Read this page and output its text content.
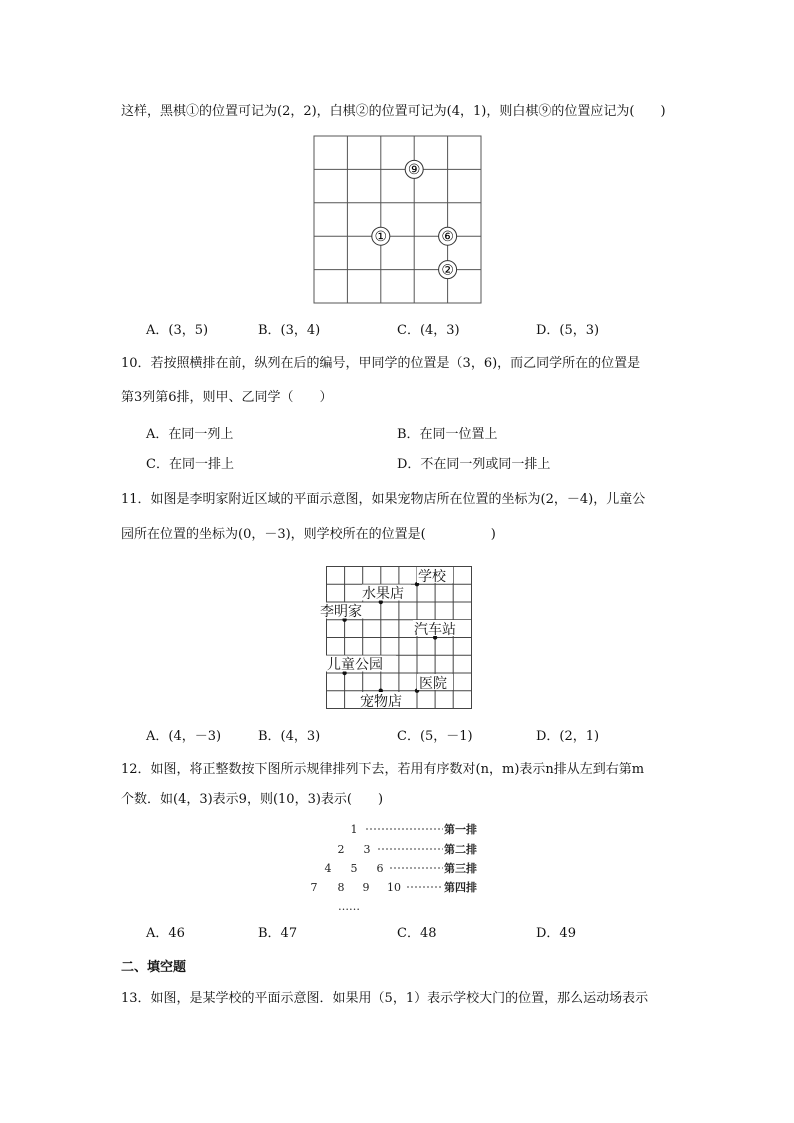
这样，黑棋①的位置可记为(2，2)，白棋②的位置可记为(4，1)，则白棋⑨的位置应记为(　　)
⑨
①	⑥
②
A．(3，5)	B．(3，4)	C．(4，3)	D．(5，3)
10．若按照横排在前，纵列在后的编号，甲同学的位置是（3，6)，而乙同学所在的位置是
第3列第6排，则甲、乙同学（　　）
A．在同一列上	B．在同一位置上
C．在同一排上	D．不在同一列或同一排上
11．如图是李明家附近区域的平面示意图，如果宠物店所在位置的坐标为(2，－4)，儿童公
园所在位置的坐标为(0，－3)，则学校所在的位置是(　　　　　)
学校
水果店
李明家
汽车站
儿童公园
医院
宠物店
A．(4，－3)	B．(4，3)	C．(5，－1)	D．(2，1)
12．如图，将正整数按下图所示规律排列下去，若用有序数对(n，m)表示n排从左到右第m
个数．如(4，3)表示9，则(10，3)表示(　　)
1
2 3
4 5 6
7 8 9 10
……
第一排
第二排
第三排
第四排
A．46	B．47	C．48	D．49
二、填空题
13．如图，是某学校的平面示意图．如果用（5，1）表示学校大门的位置，那么运动场表示
